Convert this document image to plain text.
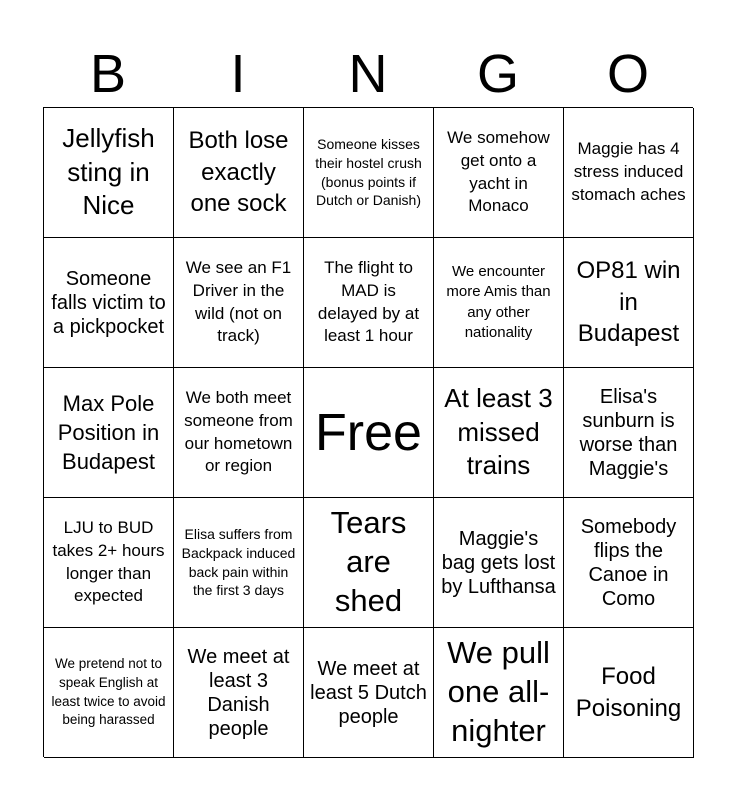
B	I	N	G	O
Jellyfish sting in Nice
Both lose exactly one sock
Someone kisses their hostel crush (bonus points if Dutch or Danish)
We somehow get onto a yacht in Monaco
Maggie has 4 stress induced stomach aches
Someone falls victim to a pickpocket
We see an F1 Driver in the wild (not on track)
The flight to MAD is delayed by at least 1 hour
We encounter more Amis than any other nationality
OP81 win in Budapest
Max Pole Position in Budapest
We both meet someone from our hometown or region
Free
At least 3 missed trains
Elisa's sunburn is worse than Maggie's
LJU to BUD takes 2+ hours longer than expected
Elisa suffers from Backpack induced back pain within the first 3 days
Tears are shed
Maggie's bag gets lost by Lufthansa
Somebody flips the Canoe in Como
We pretend not to speak English at least twice to avoid being harassed
We meet at least 3 Danish people
We meet at least 5 Dutch people
We pull one all-nighter
Food Poisoning
